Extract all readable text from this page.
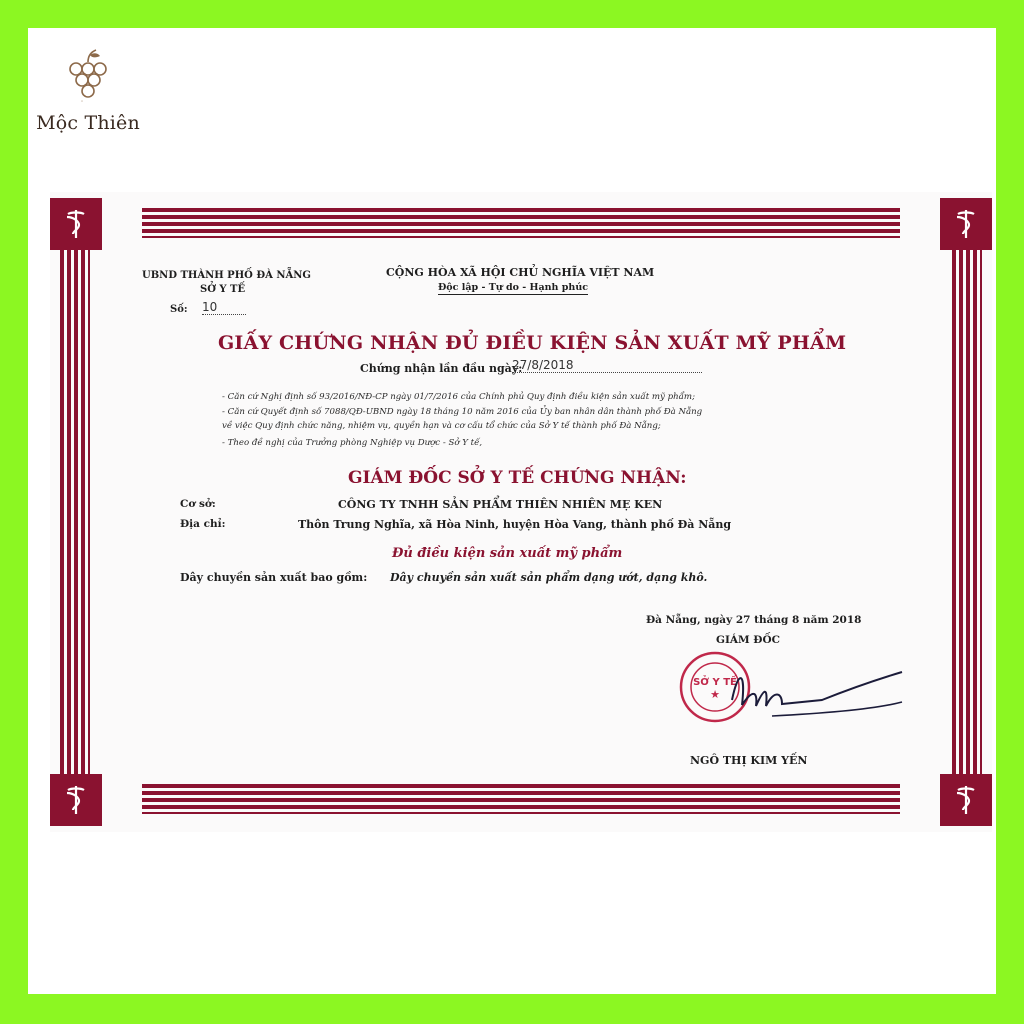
Mộc Thiên
UBND THÀNH PHỐ ĐÀ NẴNG
SỞ Y TẾ
Số: 10
CỘNG HÒA XÃ HỘI CHỦ NGHĨA VIỆT NAM
Độc lập - Tự do - Hạnh phúc
GIẤY CHỨNG NHẬN ĐỦ ĐIỀU KIỆN SẢN XUẤT MỸ PHẨM
Chứng nhận lần đầu ngày:
27/8/2018
- Căn cứ Nghị định số 93/2016/NĐ-CP ngày 01/7/2016 của Chính phủ Quy định điều kiện sản xuất mỹ phẩm;
- Căn cứ Quyết định số 7088/QĐ-UBND ngày 18 tháng 10 năm 2016 của Ủy ban nhân dân thành phố Đà Nẵng
về việc Quy định chức năng, nhiệm vụ, quyền hạn và cơ cấu tổ chức của Sở Y tế thành phố Đà Nẵng;
- Theo đề nghị của Trưởng phòng Nghiệp vụ Dược - Sở Y tế,
GIÁM ĐỐC SỞ Y TẾ CHỨNG NHẬN:
Cơ sở:	CÔNG TY TNHH SẢN PHẨM THIÊN NHIÊN MẸ KEN
Địa chỉ:	Thôn Trung Nghĩa, xã Hòa Ninh, huyện Hòa Vang, thành phố Đà Nẵng
Đủ điều kiện sản xuất mỹ phẩm
Dây chuyền sản xuất bao gồm: Dây chuyền sản xuất sản phẩm dạng ướt, dạng khô.
Đà Nẵng, ngày 27 tháng 8 năm 2018
GIÁM ĐỐC
SỞ Y TẾ
★
NGÔ THỊ KIM YẾN
